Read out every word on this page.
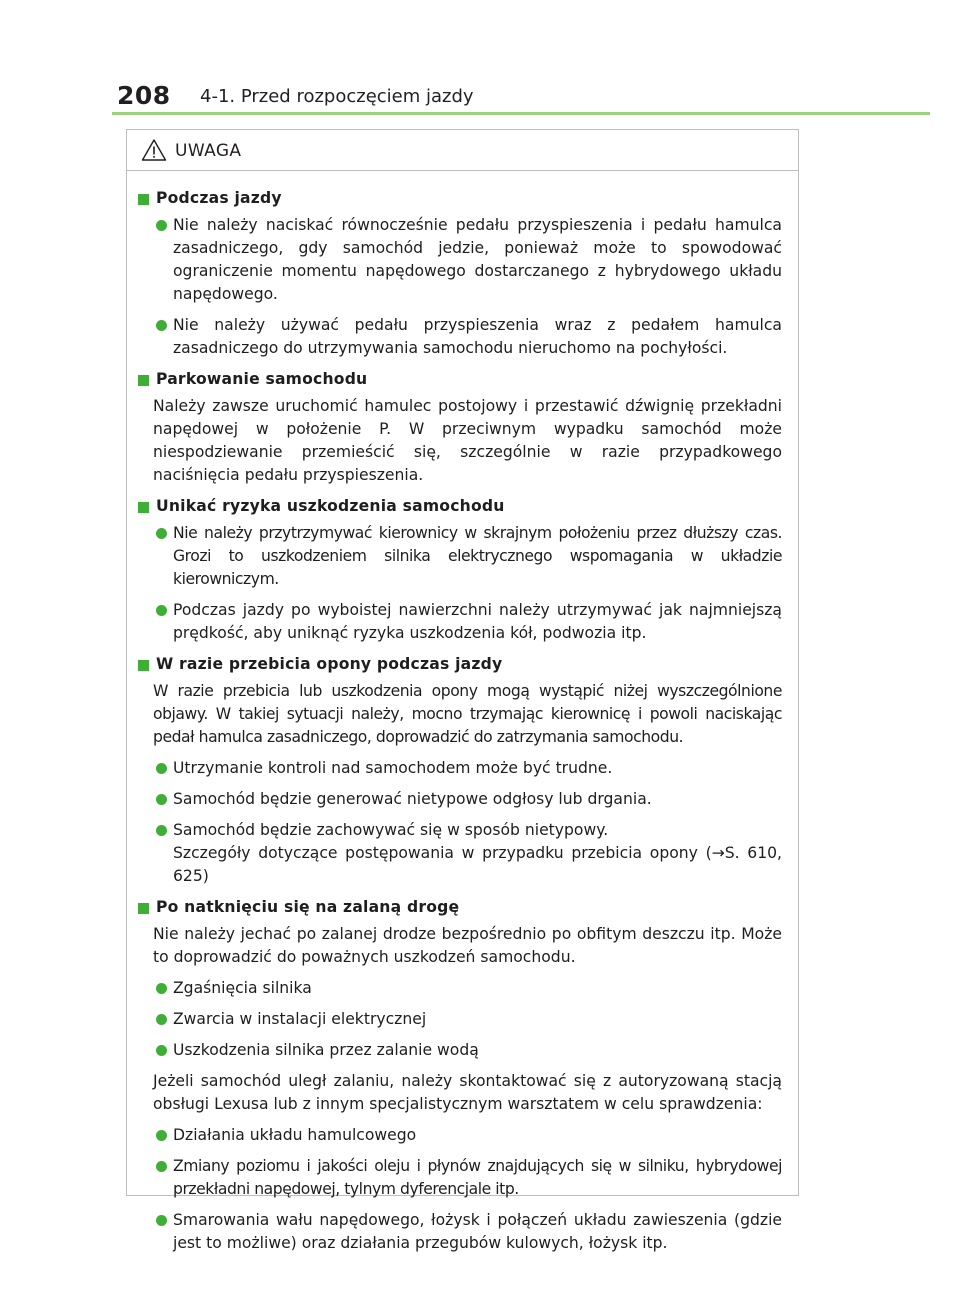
208 4-1. Przed rozpoczęciem jazdy
UWAGA
Podczas jazdy
Nie należy naciskać równocześnie pedału przyspieszenia i pedału hamulca zasadniczego, gdy samochód jedzie, ponieważ może to spowodować ograniczenie momentu napędowego dostarczanego z hybrydowego układu napędowego.
Nie należy używać pedału przyspieszenia wraz z pedałem hamulca zasadniczego do utrzymywania samochodu nieruchomo na pochyłości.
Parkowanie samochodu
Należy zawsze uruchomić hamulec postojowy i przestawić dźwignię przekładni napędowej w położenie P. W przeciwnym wypadku samochód może niespodziewanie przemieścić się, szczególnie w razie przypadkowego naciśnięcia pedału przyspieszenia.
Unikać ryzyka uszkodzenia samochodu
Nie należy przytrzymywać kierownicy w skrajnym położeniu przez dłuższy czas. Grozi to uszkodzeniem silnika elektrycznego wspomagania w układzie kierowniczym.
Podczas jazdy po wyboistej nawierzchni należy utrzymywać jak najmniejszą prędkość, aby uniknąć ryzyka uszkodzenia kół, podwozia itp.
W razie przebicia opony podczas jazdy
W razie przebicia lub uszkodzenia opony mogą wystąpić niżej wyszczególnione objawy. W takiej sytuacji należy, mocno trzymając kierownicę i powoli naciskając pedał hamulca zasadniczego, doprowadzić do zatrzymania samochodu.
Utrzymanie kontroli nad samochodem może być trudne.
Samochód będzie generować nietypowe odgłosy lub drgania.
Samochód będzie zachowywać się w sposób nietypowy.
Szczegóły dotyczące postępowania w przypadku przebicia opony (→S. 610, 625)
Po natknięciu się na zalaną drogę
Nie należy jechać po zalanej drodze bezpośrednio po obfitym deszczu itp. Może to doprowadzić do poważnych uszkodzeń samochodu.
Zgaśnięcia silnika
Zwarcia w instalacji elektrycznej
Uszkodzenia silnika przez zalanie wodą
Jeżeli samochód uległ zalaniu, należy skontaktować się z autoryzowaną stacją obsługi Lexusa lub z innym specjalistycznym warsztatem w celu sprawdzenia:
Działania układu hamulcowego
Zmiany poziomu i jakości oleju i płynów znajdujących się w silniku, hybrydowej przekładni napędowej, tylnym dyferencjale itp.
Smarowania wału napędowego, łożysk i połączeń układu zawieszenia (gdzie jest to możliwe) oraz działania przegubów kulowych, łożysk itp.
